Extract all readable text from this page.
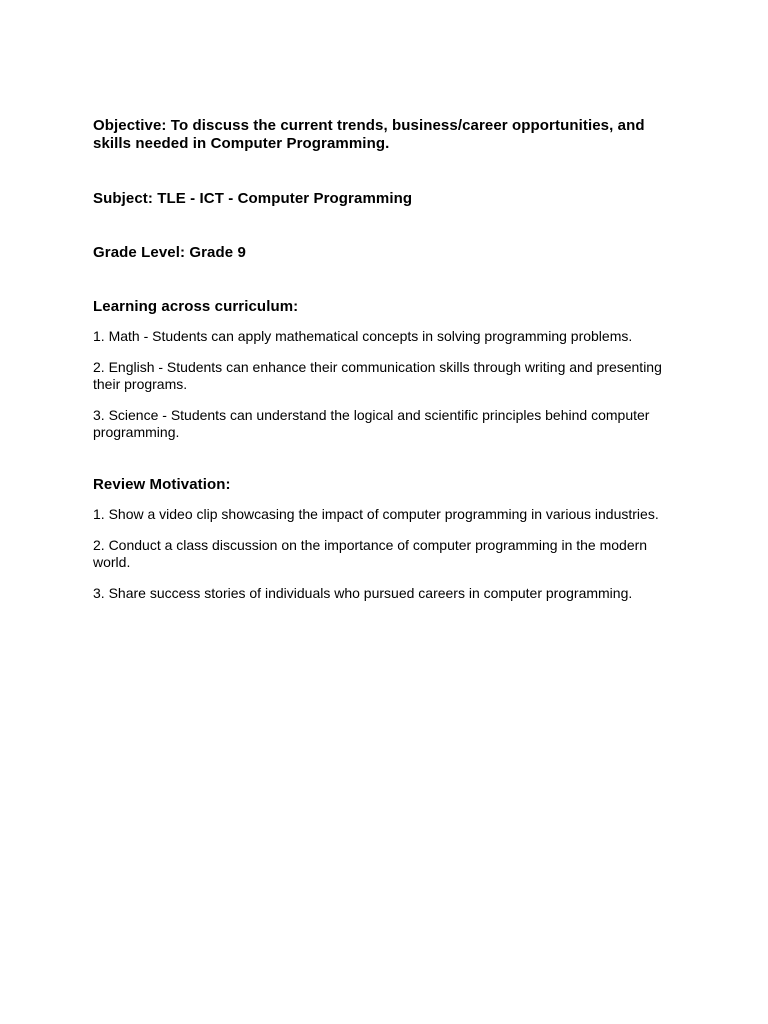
Objective: To discuss the current trends, business/career opportunities, and skills needed in Computer Programming.

Subject: TLE - ICT - Computer Programming

Grade Level: Grade 9

Learning across curriculum:

1. Math - Students can apply mathematical concepts in solving programming problems.
2. English - Students can enhance their communication skills through writing and presenting their programs.
3. Science - Students can understand the logical and scientific principles behind computer programming.

Review Motivation:

1. Show a video clip showcasing the impact of computer programming in various industries.
2. Conduct a class discussion on the importance of computer programming in the modern world.
3. Share success stories of individuals who pursued careers in computer programming.
